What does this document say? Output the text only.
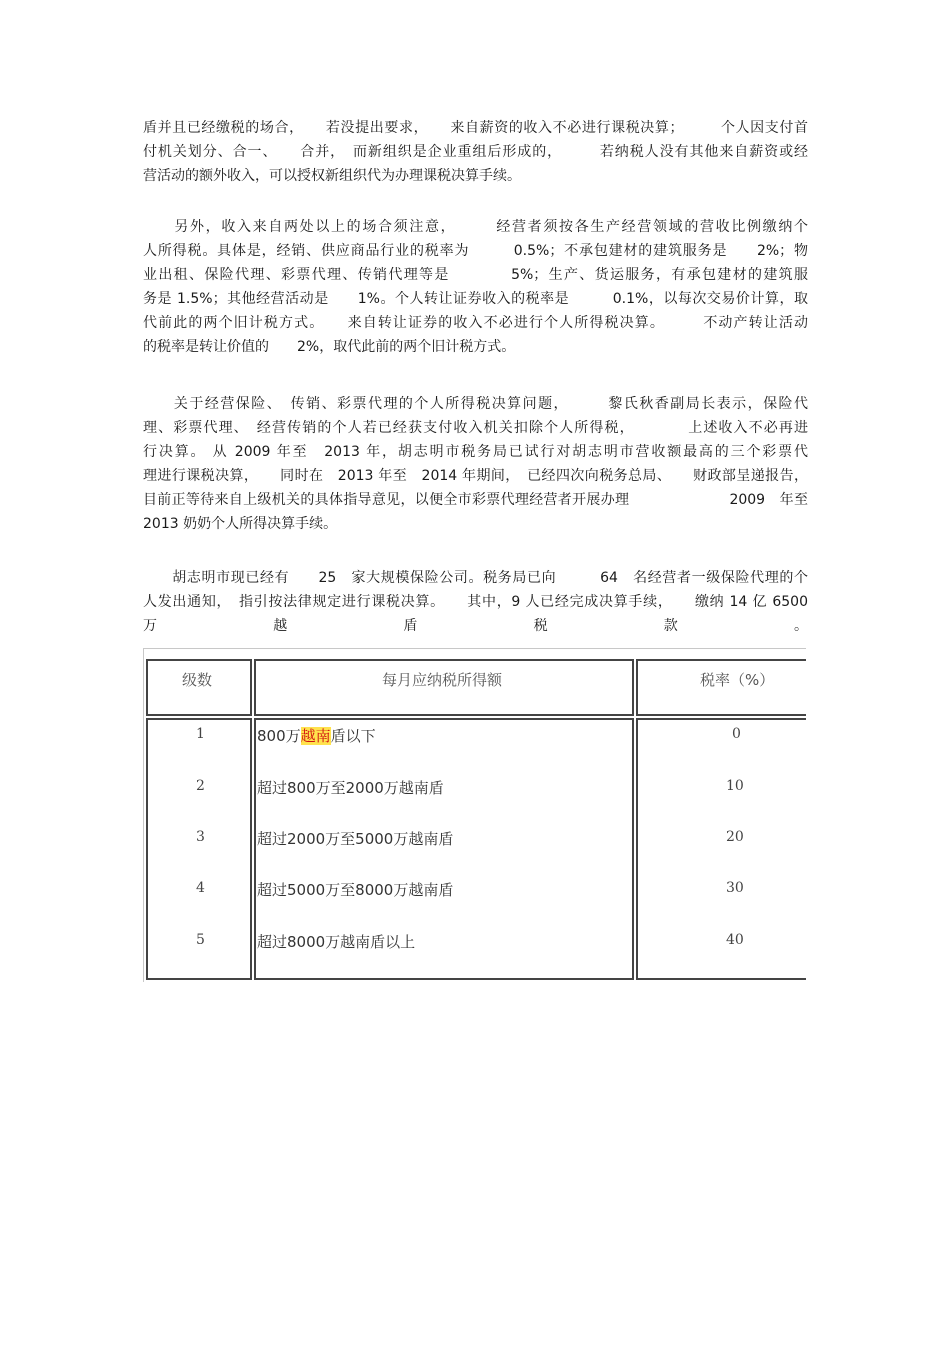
盾并且已经缴税的场合，　　若没提出要求，　　来自薪资的收入不必进行课税决算；　　　个人因支付首
付机关划分、合一、　　合并，　而新组织是企业重组后形成的，　　　若纳税人没有其他来自薪资或经
营活动的额外收入，可以授权新组织代为办理课税决算手续。
　　另外，收入来自两处以上的场合须注意，　　　经营者须按各生产经营领域的营收比例缴纳个
人所得税。具体是，经销、供应商品行业的税率为　　　0.5%；不承包建材的建筑服务是　　2%；物
业出租、保险代理、彩票代理、传销代理等是　　　　5%；生产、货运服务，有承包建材的建筑服
务是 1.5%；其他经营活动是　　1%。个人转让证券收入的税率是　　　0.1%，以每次交易价计算，取
代前此的两个旧计税方式。　　来自转让证券的收入不必进行个人所得税决算。　　　不动产转让活动
的税率是转让价值的　　2%，取代此前的两个旧计税方式。
　　关于经营保险、　传销、彩票代理的个人所得税决算问题，　　　黎氏秋香副局长表示，保险代
理、彩票代理、　经营传销的个人若已经获支付收入机关扣除个人所得税，　　　　上述收入不必再进
行决算。 从 2009 年至　2013 年，胡志明市税务局已试行对胡志明市营收额最高的三个彩票代
理进行课税决算，　　同时在　2013 年至　2014 年期间，　已经四次向税务总局、　　财政部呈递报告，
目前正等待来自上级机关的具体指导意见，以便全市彩票代理经营者开展办理　　　　　　　2009　年至
2013 奶奶个人所得决算手续。
　　胡志明市现已经有　　25　家大规模保险公司。税务局已向　　　64　名经营者一级保险代理的个
人发出通知，　指引按法律规定进行课税决算。　　其中，9 人已经完成决算手续，　　缴纳 14 亿 6500
万　　　　　　　越　　　　　　　盾　　　　　　　税　　　　　　　款　　　　　　　。
级数	每月应纳税所得额	税率（%）
1
2
3
4
5
800万越南盾以下
超过800万至2000万越南盾
超过2000万至5000万越南盾
超过5000万至8000万越南盾
超过8000万越南盾以上
0
10
20
30
40
